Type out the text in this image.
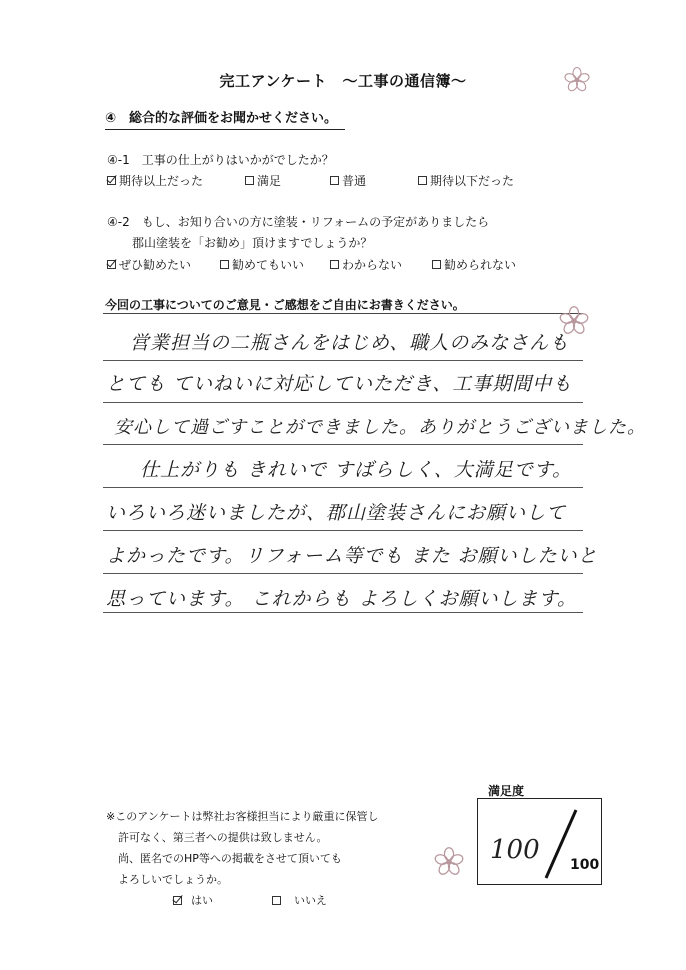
完工アンケート　〜工事の通信簿〜
④　総合的な評価をお聞かせください。
④-1　工事の仕上がりはいかがでしたか？
期待以上だった	満足	普通	期待以下だった
④-2　もし、お知り合いの方に塗装・リフォームの予定がありましたら
郡山塗装を「お勧め」頂けますでしょうか？
ぜひ勧めたい	勧めてもいい	わからない	勧められない
今回の工事についてのご意見・ご感想をご自由にお書きください。
営業担当の二瓶さんをはじめ、職人のみなさんも
とても ていねいに対応していただき、工事期間中も
安心して過ごすことができました。ありがとうございました。
仕上がりも きれいで すばらしく、大満足です。
いろいろ迷いましたが、郡山塗装さんにお願いして
よかったです。リフォーム等でも また お願いしたいと
思っています。 これからも よろしくお願いします。
※このアンケートは弊社お客様担当により厳重に保管し
許可なく、第三者への提供は致しません。
尚、匿名でのHP等への掲載をさせて頂いても
よろしいでしょうか。
はい	いいえ
満足度
100 100
